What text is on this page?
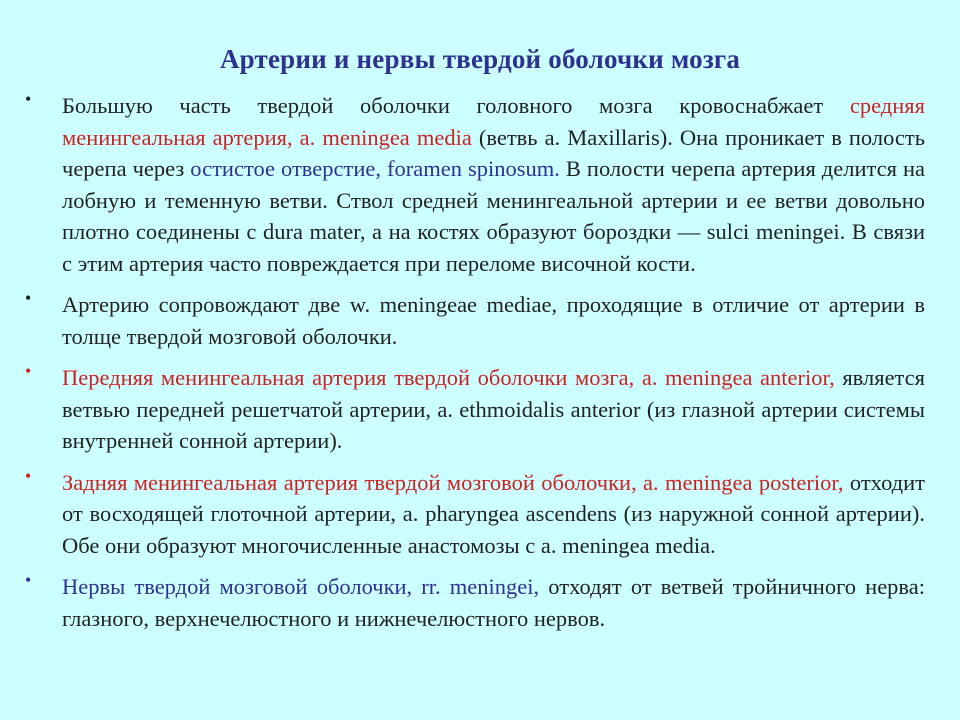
Артерии и нервы твердой оболочки мозга
• Большую часть твердой оболочки головного мозга кровоснабжает средняя менингеальная артерия, a. meningea media (ветвь a. Maxillaris). Она проникает в полость черепа через остистое отверстие, foramen spinosum. В полости черепа артерия делится на лобную и теменную ветви. Ствол средней менингеальной артерии и ее ветви довольно плотно соединены с dura mater, а на костях образуют бороздки — sulci meningei. В связи с этим артерия часто повреждается при переломе височной кости.
• Артерию сопровождают две w. meningeae mediae, проходящие в отличие от артерии в толще твердой мозговой оболочки.
• Передняя менингеальная артерия твердой оболочки мозга, a. meningea anterior, является ветвью передней решетчатой артерии, a. ethmoidalis anterior (из глазной артерии системы внутренней сонной артерии).
• Задняя менингеальная артерия твердой мозговой оболочки, a. meningea posterior, отходит от восходящей глоточной артерии, a. pharyngea ascendens (из наружной сонной артерии). Обе они образуют многочисленные анастомозы с a. meningea media.
• Нервы твердой мозговой оболочки, rr. meningei, отходят от ветвей тройничного нерва: глазного, верхнечелюстного и нижнечелюстного нервов.
